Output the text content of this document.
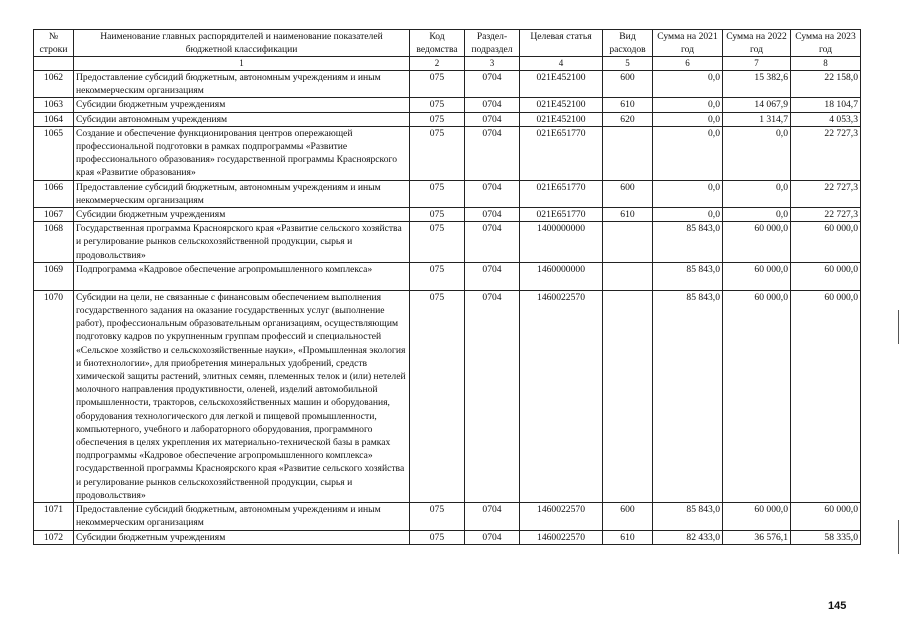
№ строки	Наименование главных распорядителей и наименование показателей бюджетной классификации	Код ведомства	Раздел-подраздел	Целевая статья	Вид расходов	Сумма на 2021 год	Сумма на 2022 год	Сумма на 2023 год
	1	2	3	4	5	6	7	8
1062	Предоставление субсидий бюджетным, автономным учреждениям и иным некоммерческим организациям	075	0704	021E452100	600	0,0	15 382,6	22 158,0
1063	Субсидии бюджетным учреждениям	075	0704	021E452100	610	0,0	14 067,9	18 104,7
1064	Субсидии автономным учреждениям	075	0704	021E452100	620	0,0	1 314,7	4 053,3
1065	Создание и обеспечение функционирования центров опережающей профессиональной подготовки в рамках подпрограммы «Развитие профессионального образования» государственной программы Красноярского края «Развитие образования»	075	0704	021E651770		0,0	0,0	22 727,3
1066	Предоставление субсидий бюджетным, автономным учреждениям и иным некоммерческим организациям	075	0704	021E651770	600	0,0	0,0	22 727,3
1067	Субсидии бюджетным учреждениям	075	0704	021E651770	610	0,0	0,0	22 727,3
1068	Государственная программа Красноярского края «Развитие сельского хозяйства и регулирование рынков сельскохозяйственной продукции, сырья и продовольствия»	075	0704	1400000000		85 843,0	60 000,0	60 000,0
1069	Подпрограмма «Кадровое обеспечение агропромышленного комплекса»	075	0704	1460000000		85 843,0	60 000,0	60 000,0
1070	Субсидии на цели, не связанные с финансовым обеспечением выполнения государственного задания на оказание государственных услуг (выполнение работ), профессиональным образовательным организациям, осуществляющим подготовку кадров по укрупненным группам профессий и специальностей «Сельское хозяйство и сельскохозяйственные науки», «Промышленная экология и биотехнологии», для приобретения минеральных удобрений, средств химической защиты растений, элитных семян, племенных телок и (или) нетелей молочного направления продуктивности, оленей, изделий автомобильной промышленности, тракторов, сельскохозяйственных машин и оборудования, оборудования технологического для легкой и пищевой промышленности, компьютерного, учебного и лабораторного оборудования, программного обеспечения в целях укрепления их материально-технической базы в рамках подпрограммы «Кадровое обеспечение агропромышленного комплекса» государственной программы Красноярского края «Развитие сельского хозяйства и регулирование рынков сельскохозяйственной продукции, сырья и продовольствия»	075	0704	1460022570		85 843,0	60 000,0	60 000,0
1071	Предоставление субсидий бюджетным, автономным учреждениям и иным некоммерческим организациям	075	0704	1460022570	600	85 843,0	60 000,0	60 000,0
1072	Субсидии бюджетным учреждениям	075	0704	1460022570	610	82 433,0	36 576,1	58 335,0
145
